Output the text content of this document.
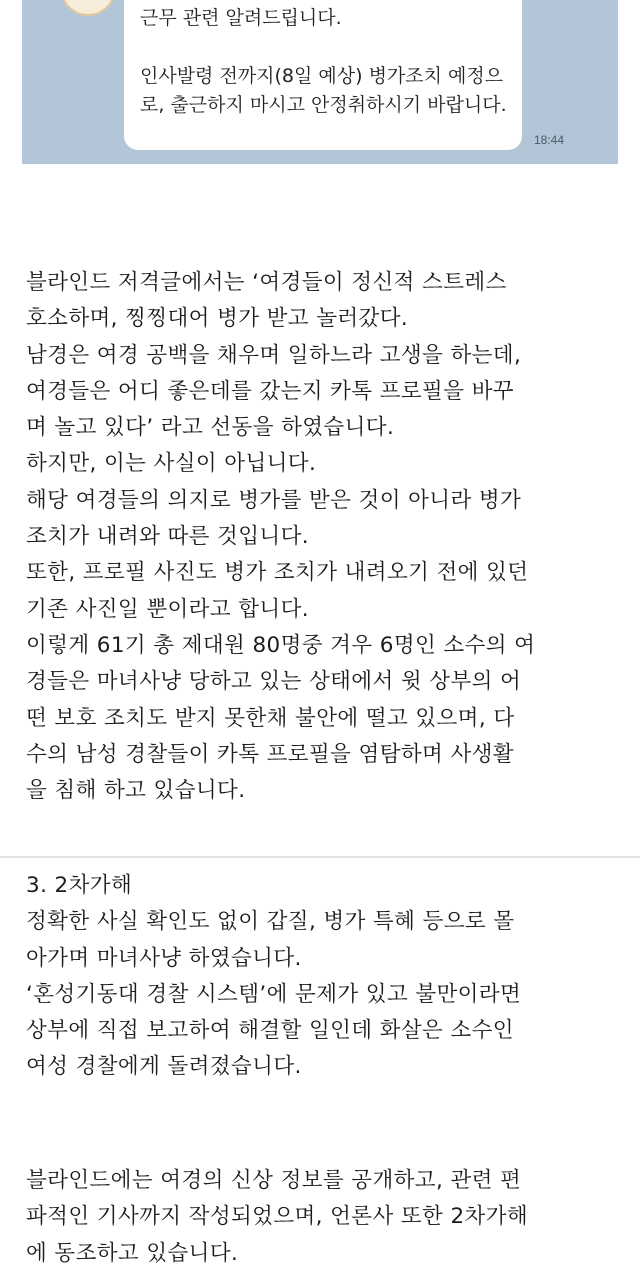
근무 관련 알려드립니다.

인사발령 전까지(8일 예상) 병가조치 예정으로, 출근하지 마시고 안정취하시기 바랍니다.

18:44
블라인드 저격글에서는 ‘여경들이 정신적 스트레스
호소하며, 찡찡대어 병가 받고 놀러갔다.
남경은 여경 공백을 채우며 일하느라 고생을 하는데,
여경들은 어디 좋은데를 갔는지 카톡 프로필을 바꾸
며 놀고 있다’ 라고 선동을 하였습니다.
하지만, 이는 사실이 아닙니다.
해당 여경들의 의지로 병가를 받은 것이 아니라 병가
조치가 내려와 따른 것입니다.
또한, 프로필 사진도 병가 조치가 내려오기 전에 있던
기존 사진일 뿐이라고 합니다.
이렇게 61기 총 제대원 80명중 겨우 6명인 소수의 여
경들은 마녀사냥 당하고 있는 상태에서 윗 상부의 어
떤 보호 조치도 받지 못한채 불안에 떨고 있으며, 다
수의 남성 경찰들이 카톡 프로필을 염탐하며 사생활
을 침해 하고 있습니다.
3. 2차가해
정확한 사실 확인도 없이 갑질, 병가 특혜 등으로 몰
아가며 마녀사냥 하였습니다.
‘혼성기동대 경찰 시스템’에 문제가 있고 불만이라면
상부에 직접 보고하여 해결할 일인데 화살은 소수인
여성 경찰에게 돌려졌습니다.
블라인드에는 여경의 신상 정보를 공개하고, 관련 편
파적인 기사까지 작성되었으며, 언론사 또한 2차가해
에 동조하고 있습니다.
